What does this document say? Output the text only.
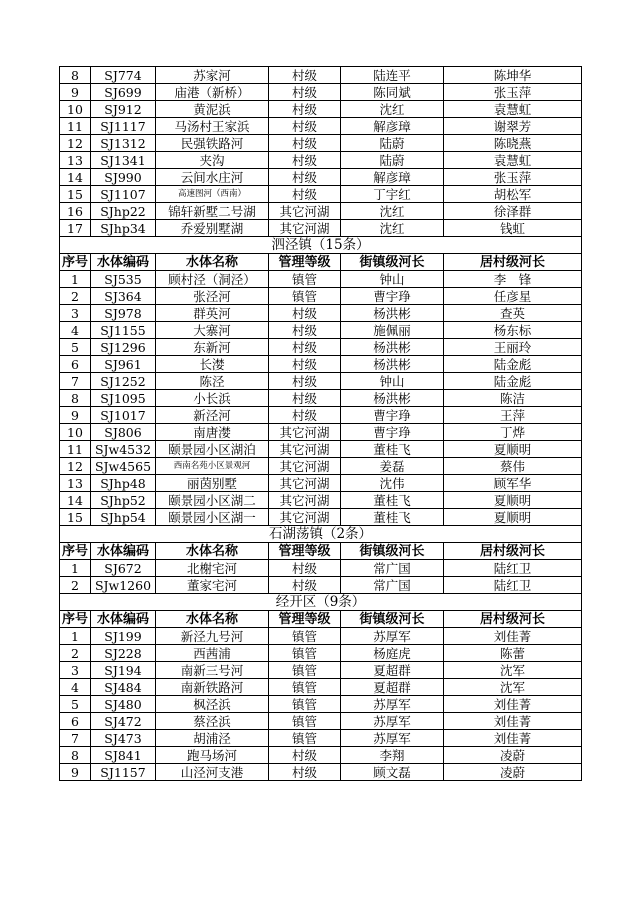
8	SJ774	苏家河	村级	陆连平	陈坤华
9	SJ699	庙港（新桥）	村级	陈同斌	张玉萍
10	SJ912	黄泥浜	村级	沈红	袁慧虹
11	SJ1117	马汤村王家浜	村级	解彦璋	谢翠芳
12	SJ1312	民强铁路河	村级	陆蔚	陈晓燕
13	SJ1341	夹沟	村级	陆蔚	袁慧虹
14	SJ990	云间水庄河	村级	解彦璋	张玉萍
15	SJ1107	高速图河（西南）	村级	丁宇红	胡松军
16	SJhp22	锦轩新墅二号湖	其它河湖	沈红	徐泽群
17	SJhp34	乔爱别墅湖	其它河湖	沈红	钱虹
泗泾镇（15条）					
序号	水体编码	水体名称	管理等级	街镇级河长	居村级河长
1	SJ535	顾村泾（洞泾）	镇管	钟山	李　锋
2	SJ364	张泾河	镇管	曹宇琤	任彦星
3	SJ978	群英河	村级	杨洪彬	查英
4	SJ1155	大寨河	村级	施佩丽	杨东标
5	SJ1296	东新河	村级	杨洪彬	王丽玲
6	SJ961	长漤	村级	杨洪彬	陆金彪
7	SJ1252	陈泾	村级	钟山	陆金彪
8	SJ1095	小长浜	村级	杨洪彬	陈洁
9	SJ1017	新泾河	村级	曹宇琤	王萍
10	SJ806	南唐漤	其它河湖	曹宇琤	丁烨
11	SJw4532	颐景园小区湖泊	其它河湖	董桂飞	夏顺明
12	SJw4565	西南名苑小区景观河	其它河湖	姜磊	蔡伟
13	SJhp48	丽茵别墅	其它河湖	沈伟	顾军华
14	SJhp52	颐景园小区湖二	其它河湖	董桂飞	夏顺明
15	SJhp54	颐景园小区湖一	其它河湖	董桂飞	夏顺明
石湖荡镇（2条）					
序号	水体编码	水体名称	管理等级	街镇级河长	居村级河长
1	SJ672	北榭宅河	村级	常广国	陆红卫
2	SJw1260	董家宅河	村级	常广国	陆红卫
经开区（9条）					
序号	水体编码	水体名称	管理等级	街镇级河长	居村级河长
1	SJ199	新泾九号河	镇管	苏厚军	刘佳菁
2	SJ228	西茜浦	镇管	杨庭虎	陈蕾
3	SJ194	南新三号河	镇管	夏超群	沈军
4	SJ484	南新铁路河	镇管	夏超群	沈军
5	SJ480	枫泾浜	镇管	苏厚军	刘佳菁
6	SJ472	蔡泾浜	镇管	苏厚军	刘佳菁
7	SJ473	胡浦泾	镇管	苏厚军	刘佳菁
8	SJ841	跑马场河	村级	李翔	凌蔚
9	SJ1157	山泾河支港	村级	顾文磊	凌蔚
